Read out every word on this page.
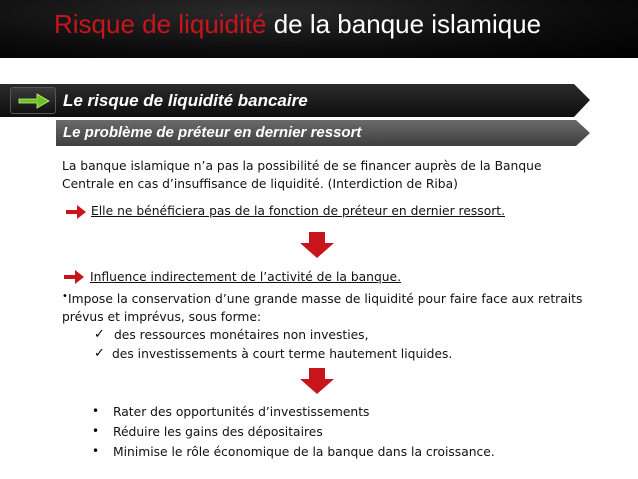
Risque de liquidité de la banque islamique
Le risque de liquidité bancaire
Le problème de préteur en dernier ressort
La banque islamique n’a pas la possibilité de se financer auprès de la Banque
Centrale en cas d’insuffisance de liquidité. (Interdiction de Riba)
Elle ne bénéficiera pas de la fonction de préteur en dernier ressort.
Influence indirectement de l’activité de la banque.
• Impose la conservation d’une grande masse de liquidité pour faire face aux retraits
prévus et imprévus, sous forme:
✓ des ressources monétaires non investies,
✓ des investissements à court terme hautement liquides.
• Rater des opportunités d’investissements
• Réduire les gains des dépositaires
• Minimise le rôle économique de la banque dans la croissance.
